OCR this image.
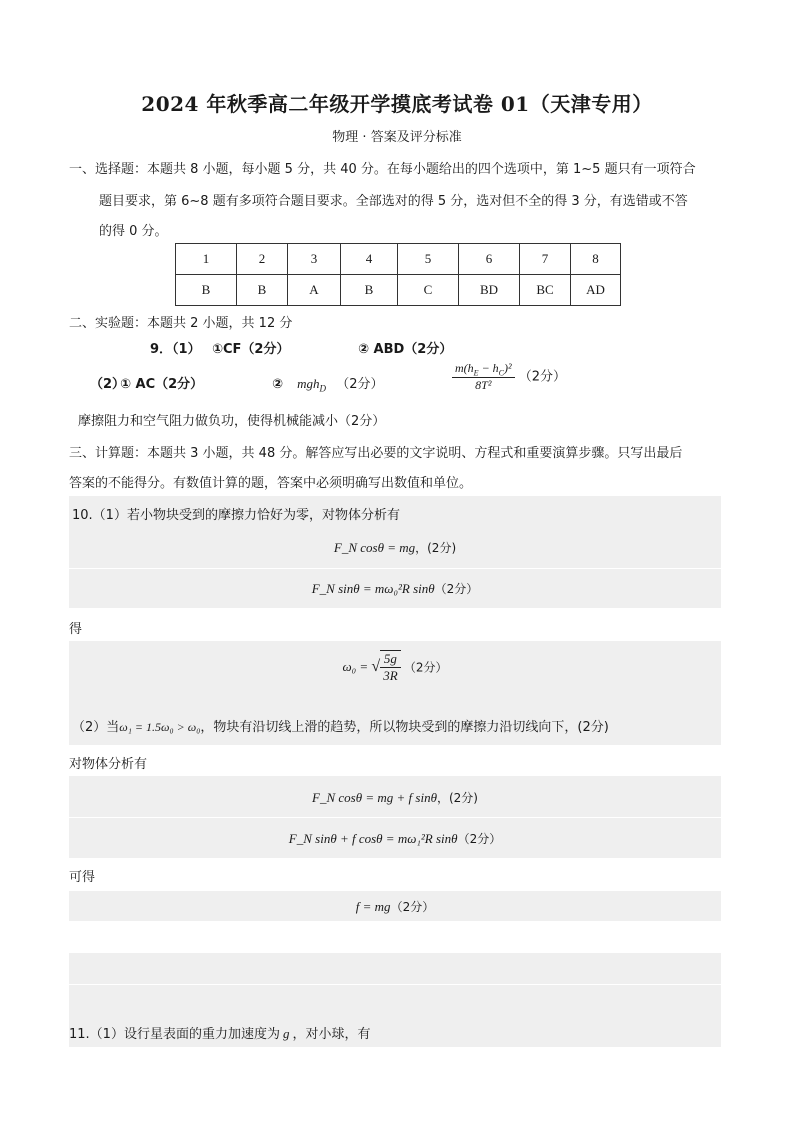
2024 年秋季高二年级开学摸底考试卷 01（天津专用）
物理 · 答案及评分标准
一、选择题：本题共 8 小题，每小题 5 分，共 40 分。在每小题给出的四个选项中，第 1~5 题只有一项符合
题目要求，第 6~8 题有多项符合题目要求。全部选对的得 5 分，选对但不全的得 3 分，有选错或不答
的得 0 分。
1	2	3	4	5	6	7	8
B	B	A	B	C	BD	BC	AD
二、实验题：本题共 2 小题，共 12 分
9．（1） ①CF（2分）	② ABD（2分）
（2）
① AC（2分）	② mgh$_D$ （2分）	$\frac{m(h_E - h_C)^2}{\text{8T²}} (2$分）
摩擦阻力和空气阻力做负功，使得机械能减小（2分）
三、计算题：本题共 3 小题，共 48 分。解答应写出必要的文字说明、方程式和重要演算步骤。只写出最后
答案的不能得分。有数值计算的题，答案中必须明确写出数值和单位。
10.（1）若小物块受到的摩擦力恰好为零，对物体分析有
F_N cosθ = mg，(2分)
F_N sinθ = mω₀²R sinθ（2分）
得
ω₀ = √ $\frac{5g}{3R} (2$分）
（2）当ω₁ = 1.5ω₀ > ω₀，物块有沿切线上滑的趋势，所以物块受到的摩擦力沿切线向下，(2分)
对物体分析有
F_N cosθ = mg + f sinθ，(2分)
F_N sinθ + f cosθ = mω₁²R sinθ（2分）
可得
f = mg（2分）
11.（1）设行星表面的重力加速度为 g ，对小球，有
